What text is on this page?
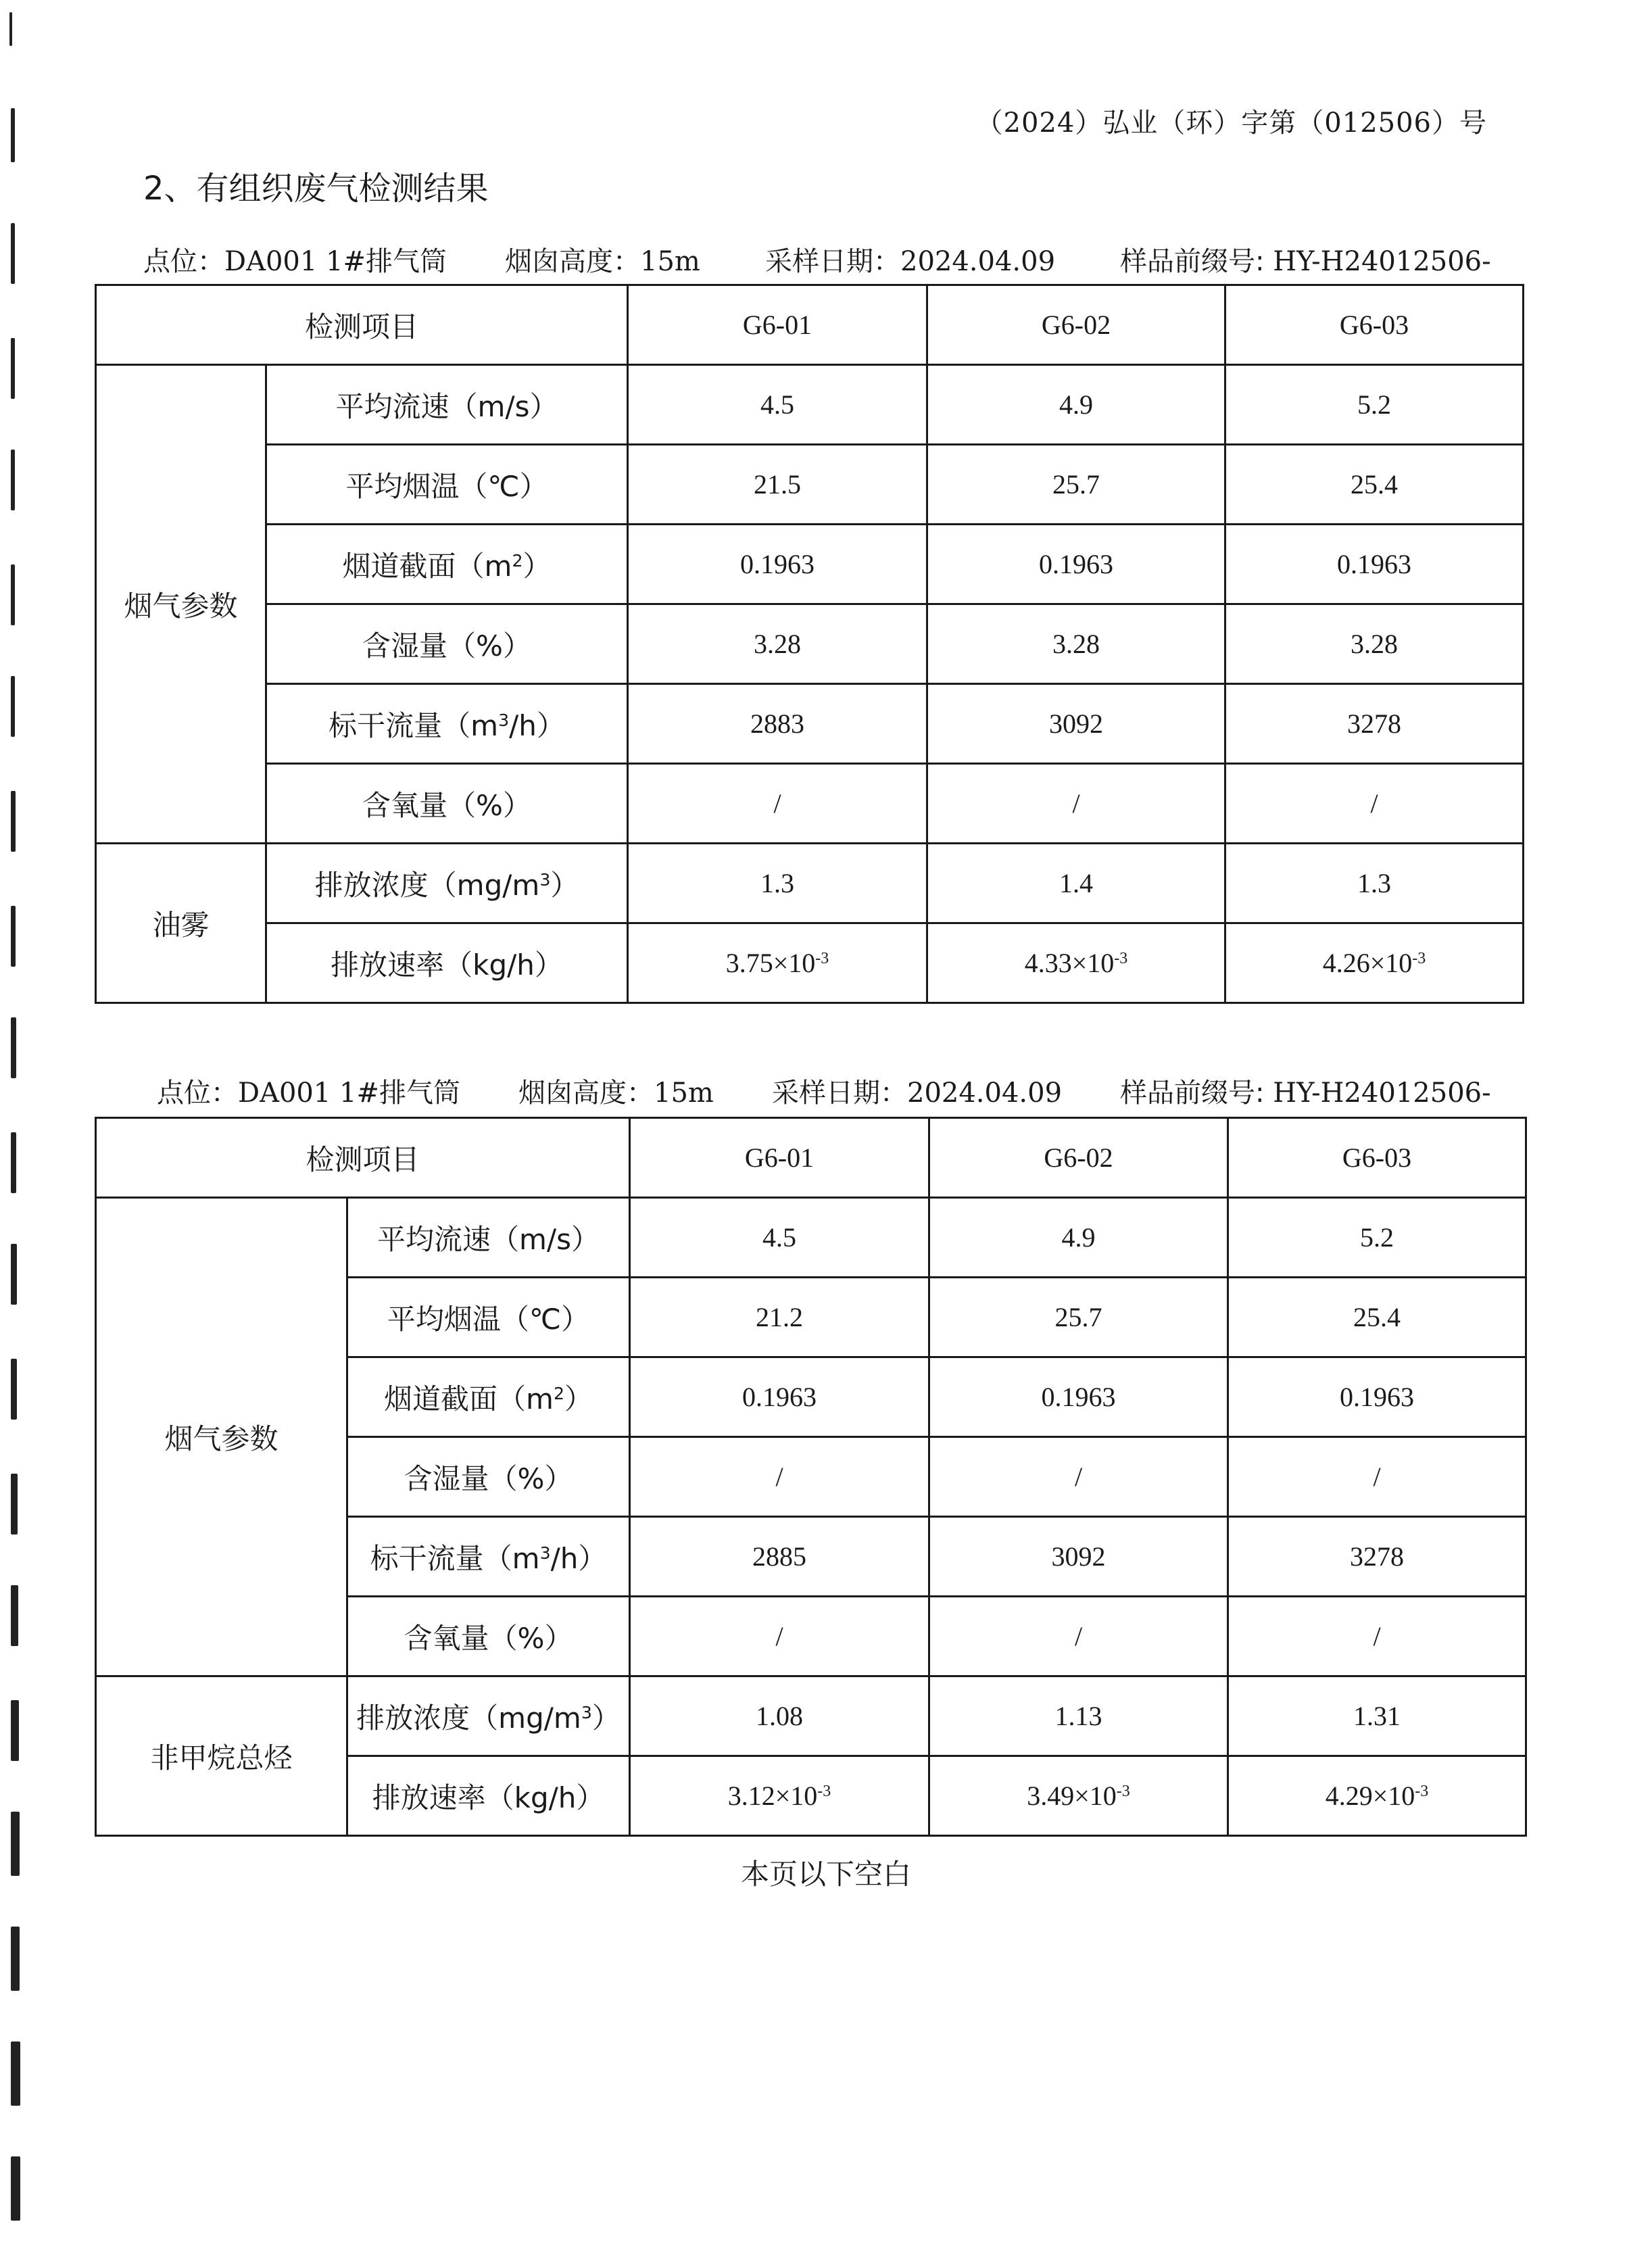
（2024）弘业（环）字第（012506）号
2、有组织废气检测结果
点位：DA001 1#排气筒 烟囱高度：15m 采样日期：2024.04.09 样品前缀号: HY-H24012506-
检测项目		G6-01	G6-02	G6-03
烟气参数	平均流速（m/s）	4.5	4.9	5.2
	平均烟温（℃）	21.5	25.7	25.4
	烟道截面$(m^2)$	0.1963	0.1963	0.1963
	含湿量（%）	3.28	3.28	3.28
	标干流量$(m^3/h)$	2883	3092	3278
	含氧量（%）	/	/	/
油雾	排放浓度$(mg/m^3)$	1.3	1.4	1.3
	排放速率（kg/h）	$3.75\times 10^{-3}$	$4.33\times 10^{-3}$	$4.26\times 10^{-3}$
点位：DA001 1#排气筒 烟囱高度：15m 采样日期：2024.04.09 样品前缀号: HY-H24012506-
检测项目		G6-01	G6-02	G6-03
烟气参数	平均流速（m/s）	4.5	4.9	5.2
	平均烟温（℃）	21.2	25.7	25.4
	烟道截面$(m^2)$	0.1963	0.1963	0.1963
	含湿量（%）	/	/	/
	标干流量$(m^3/h)$	2885	3092	3278
	含氧量（%）	/	/	/
非甲烷总烃	排放浓度$(mg/m^3)$	1.08	1.13	1.31
	排放速率（kg/h）	$3.12\times 10^{-3}$	$3.49\times 10^{-3}$	$4.29\times 10^{-3}$
本页以下空白
